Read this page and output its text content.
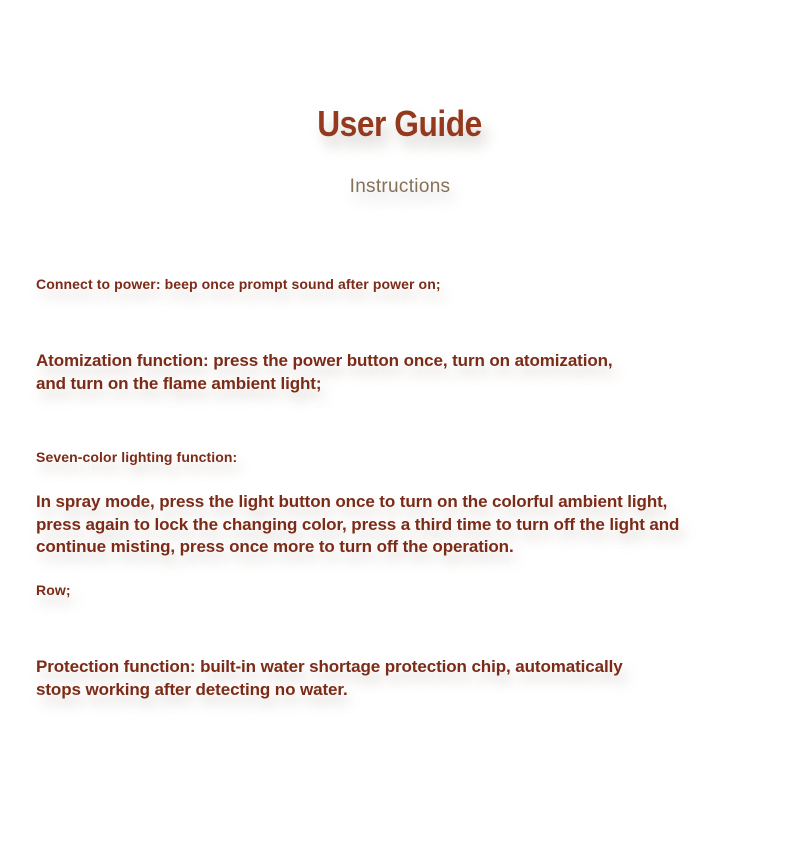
User Guide
Instructions
Connect to power: beep once prompt sound after power on;
Atomization function: press the power button once, turn on atomization,
and turn on the flame ambient light;
Seven-color lighting function:
In spray mode, press the light button once to turn on the colorful ambient light,
press again to lock the changing color, press a third time to turn off the light and
continue misting, press once more to turn off the operation.
Row;
Protection function: built-in water shortage protection chip, automatically
stops working after detecting no water.
